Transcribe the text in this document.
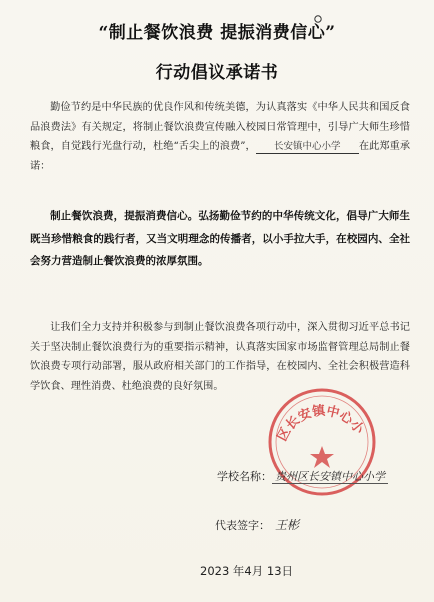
“制止餐饮浪费 提振消费信心”
行动倡议承诺书
勤俭节约是中华民族的优良作风和传统美德，为认真落实《中华人民共和国反食品浪费法》有关规定，将制止餐饮浪费宣传融入校园日常管理中，引导广大师生珍惜粮食，自觉践行光盘行动，杜绝“舌尖上的浪费”， 长安镇中心小学 在此郑重承诺：
制止餐饮浪费，提振消费信心。弘扬勤俭节约的中华传统文化，倡导广大师生既当珍惜粮食的践行者，又当文明理念的传播者，以小手拉大手，在校园内、全社会努力营造制止餐饮浪费的浓厚氛围。
让我们全力支持并积极参与到制止餐饮浪费各项行动中，深入贯彻习近平总书记关于坚决制止餐饮浪费行为的重要指示精神，认真落实国家市场监督管理总局制止餐饮浪费专项行动部署，服从政府相关部门的工作指导，在校园内、全社会积极营造科学饮食、理性消费、杜绝浪费的良好氛围。
区长安镇中心小
学校名称： 贵州区长安镇中心小学
代表签字： 王彬
2023 年4月 13日
